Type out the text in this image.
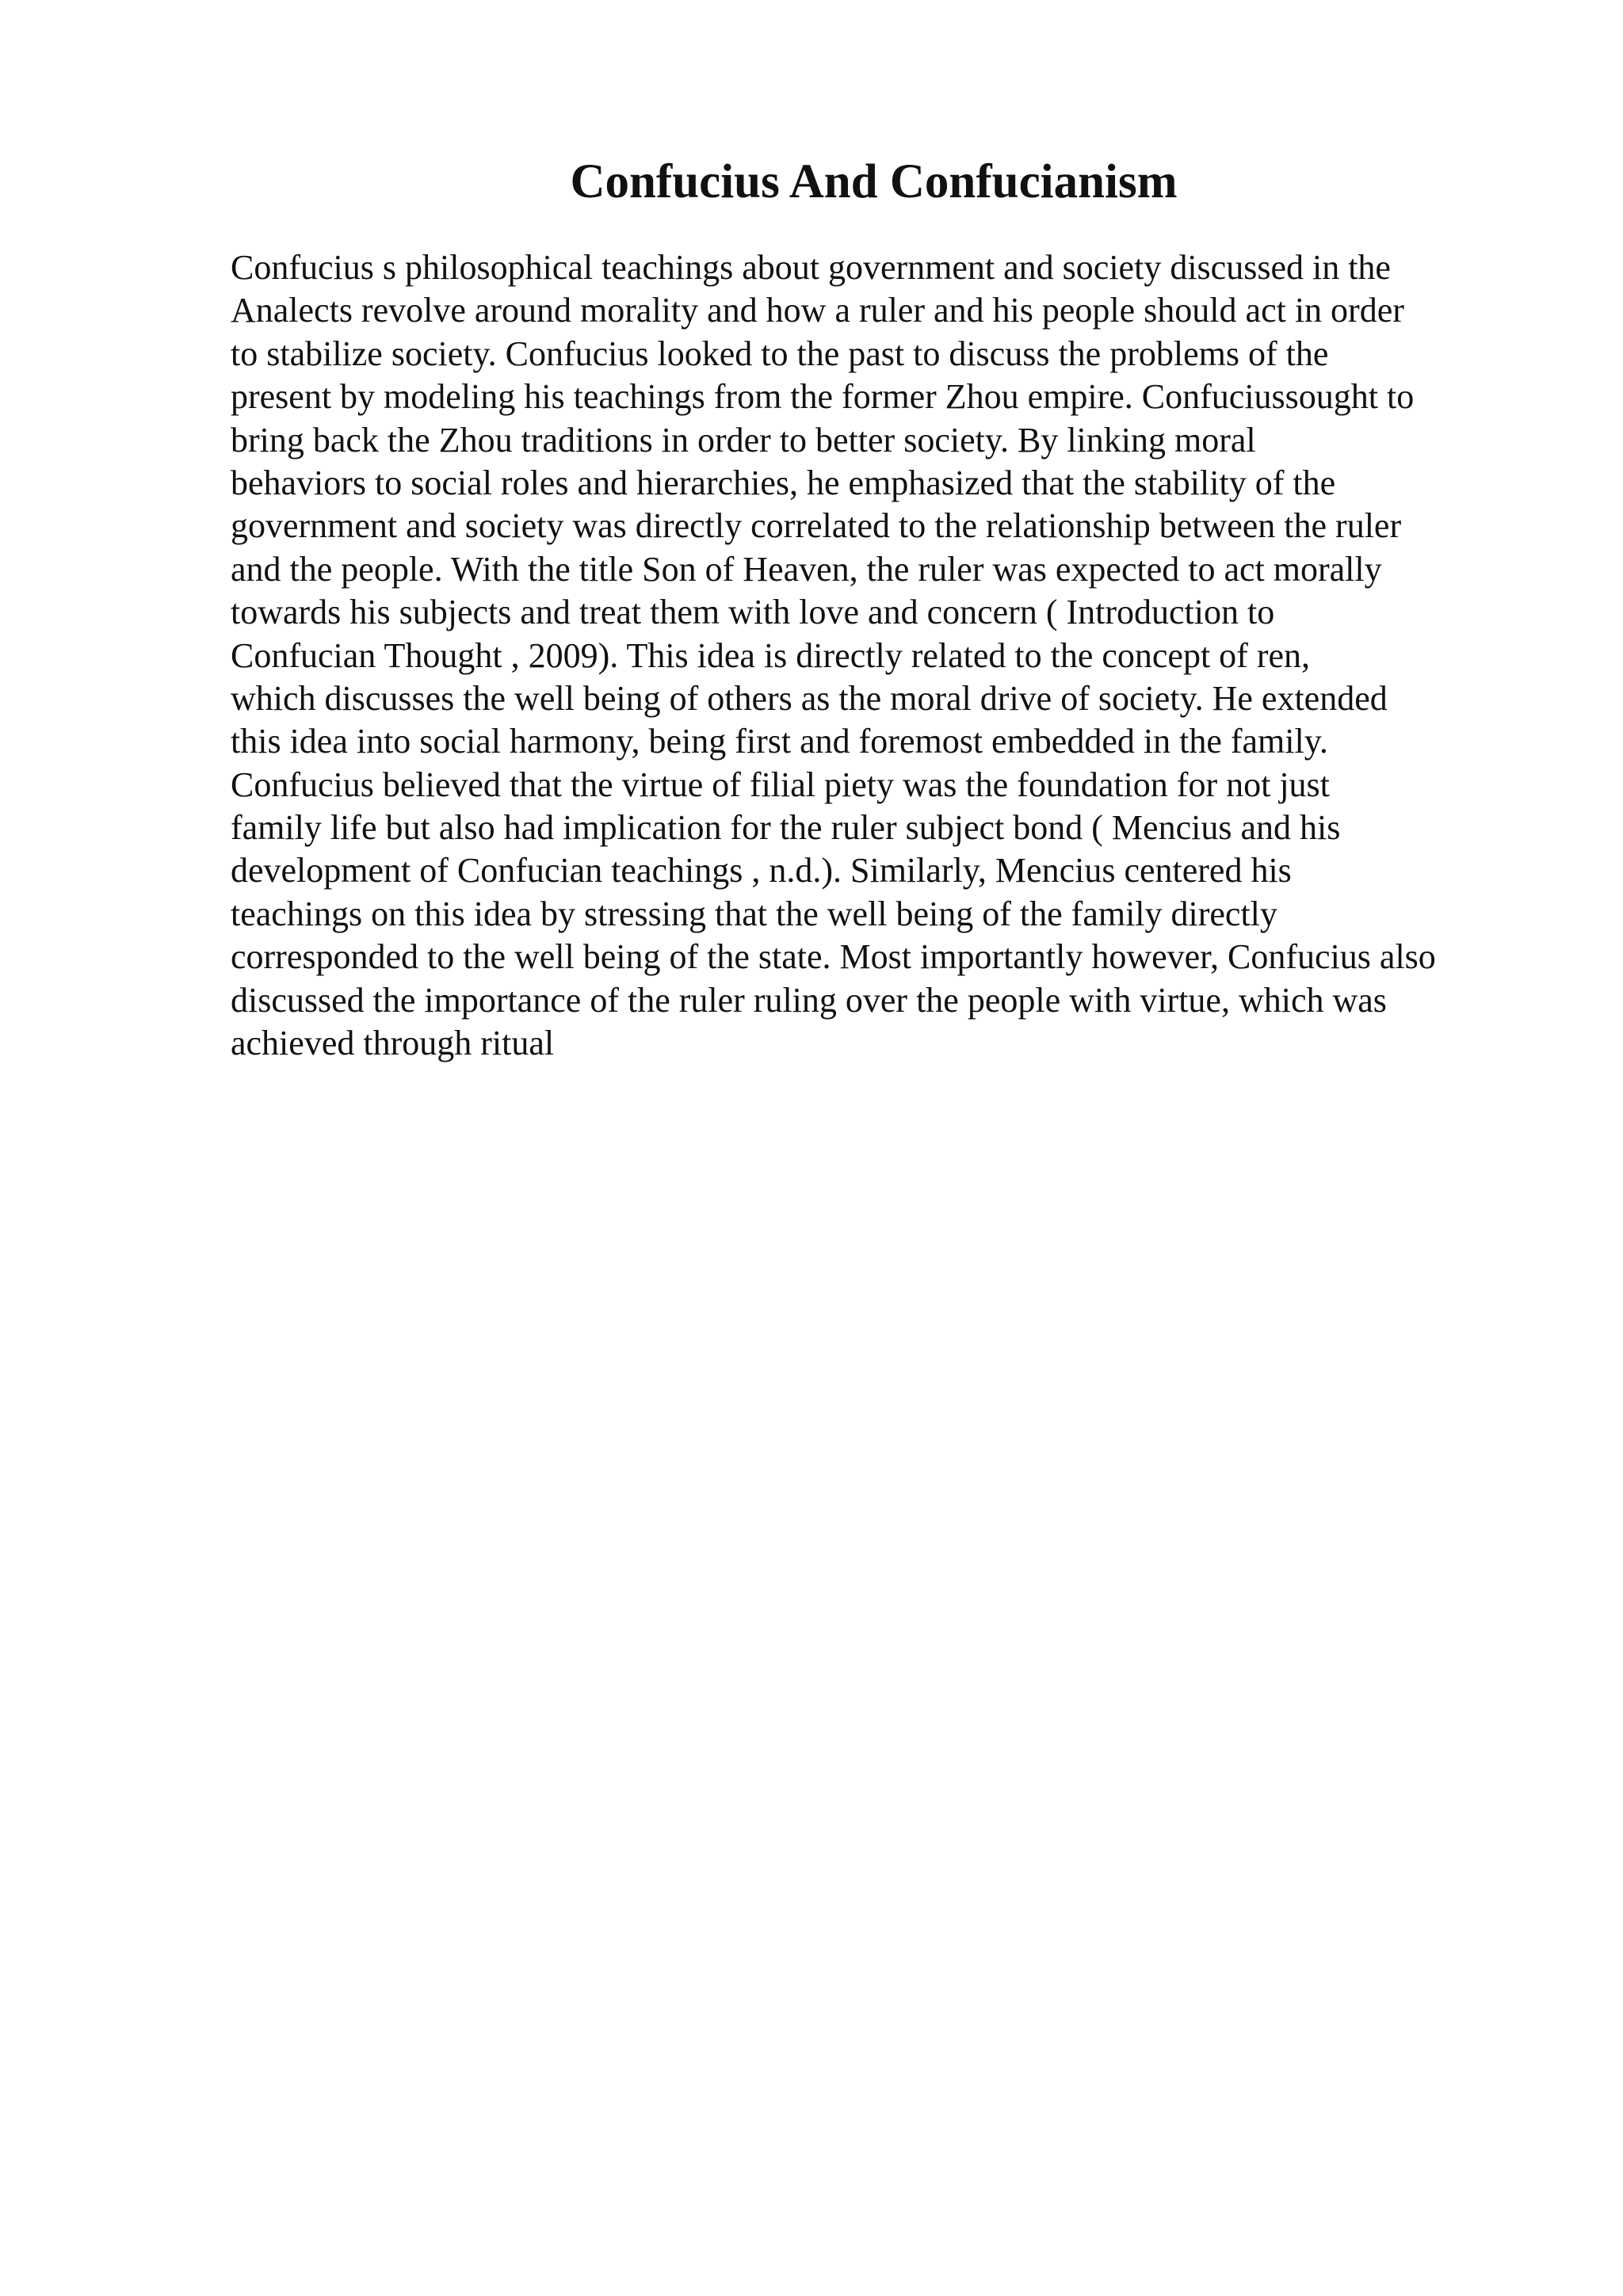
Confucius And Confucianism
Confucius s philosophical teachings about government and society discussed in the
Analects revolve around morality and how a ruler and his people should act in order
to stabilize society. Confucius looked to the past to discuss the problems of the
present by modeling his teachings from the former Zhou empire. Confuciussought to
bring back the Zhou traditions in order to better society. By linking moral
behaviors to social roles and hierarchies, he emphasized that the stability of the
government and society was directly correlated to the relationship between the ruler
and the people. With the title Son of Heaven, the ruler was expected to act morally
towards his subjects and treat them with love and concern ( Introduction to
Confucian Thought , 2009). This idea is directly related to the concept of ren,
which discusses the well being of others as the moral drive of society. He extended
this idea into social harmony, being first and foremost embedded in the family.
Confucius believed that the virtue of filial piety was the foundation for not just
family life but also had implication for the ruler subject bond ( Mencius and his
development of Confucian teachings , n.d.). Similarly, Mencius centered his
teachings on this idea by stressing that the well being of the family directly
corresponded to the well being of the state. Most importantly however, Confucius also
discussed the importance of the ruler ruling over the people with virtue, which was
achieved through ritual
